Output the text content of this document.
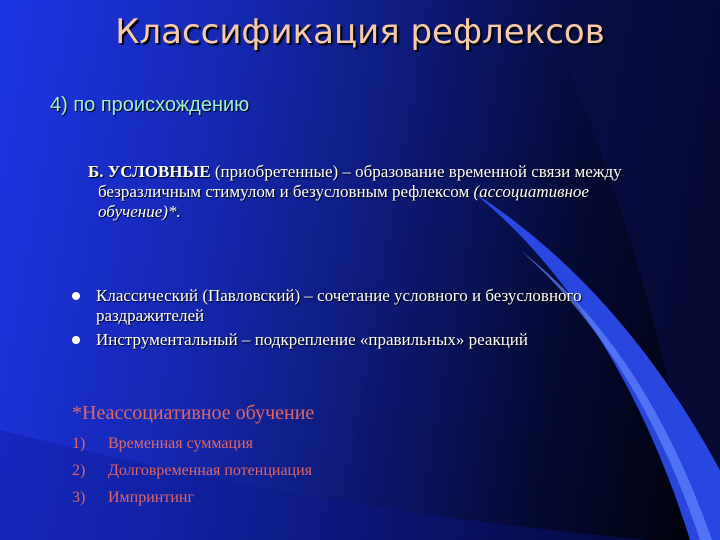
Классификация рефлексов

4) по происхождению

Б. УСЛОВНЫЕ (приобретенные) – образование временной связи между безразличным стимулом и безусловным рефлексом (ассоциативное обучение)*.

Классический (Павловский) – сочетание условного и безусловного раздражителей
Инструментальный – подкрепление «правильных» реакций

*Неассоциативное обучение

1) Временная суммация
2) Долговременная потенциация
3) Импринтинг
